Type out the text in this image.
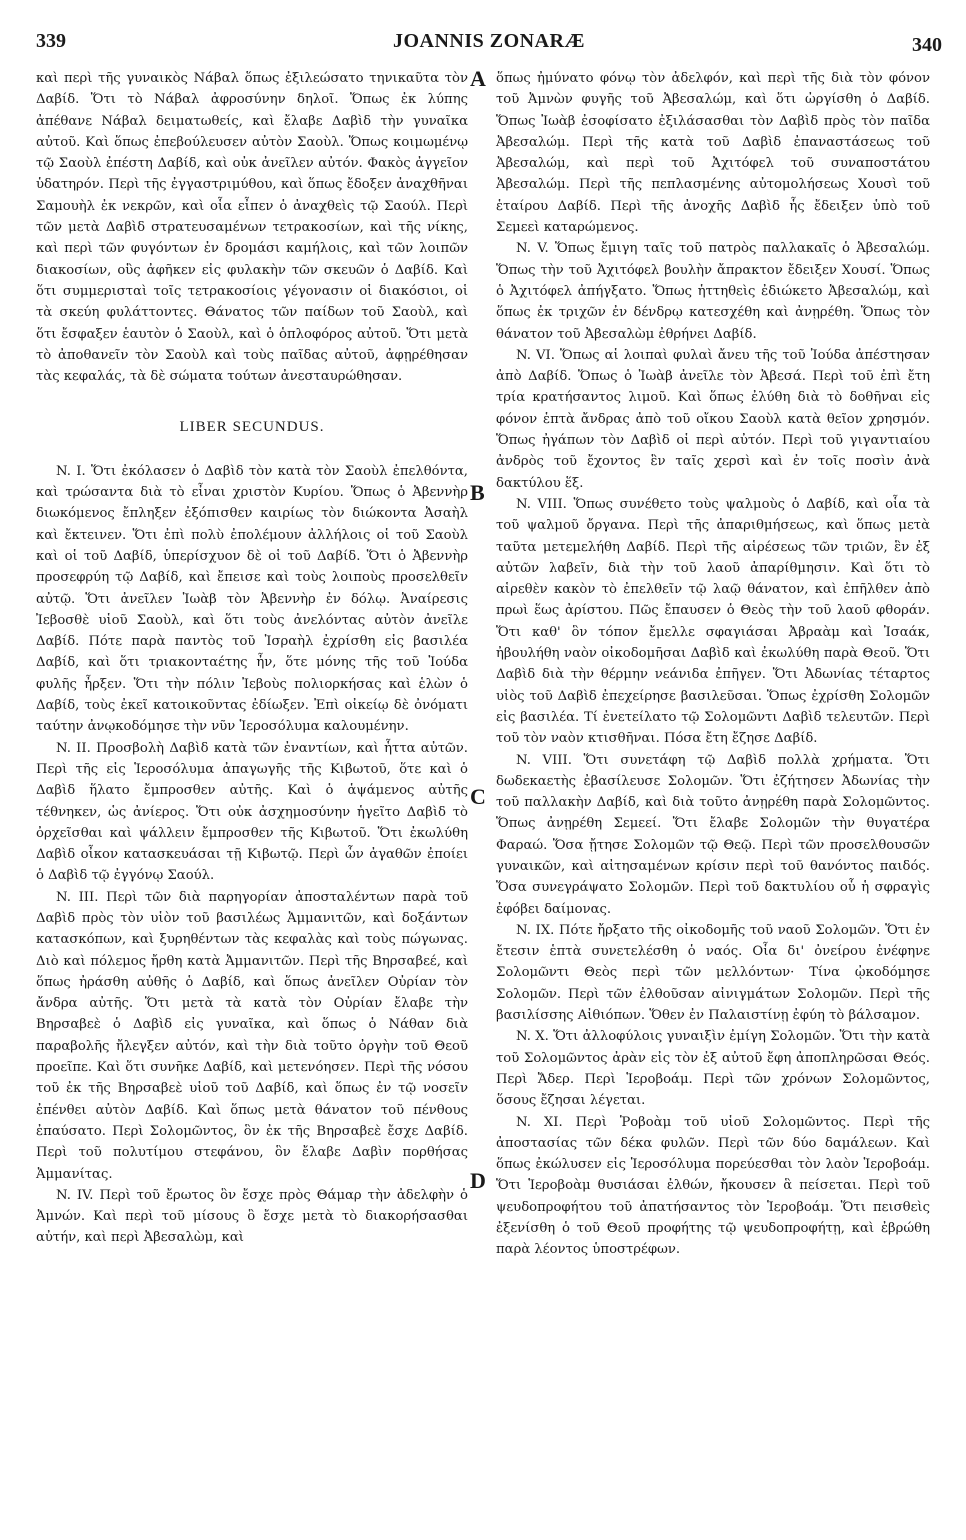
339	JOANNIS ZONARÆ	340
A
B
C
D

καὶ περὶ τῆς γυναικὸς Νάβαλ ὅπως ἐξιλεώσατο τηνικαῦτα τὸν Δαβίδ. Ὅτι τὸ Νάβαλ ἀφροσύνην δηλοῖ. Ὅπως ἐκ λύπης ἀπέθανε Νάβαλ δειματωθείς, καὶ ἔλαβε Δαβὶδ τὴν γυναῖκα αὐτοῦ. Καὶ ὅπως ἐπεβούλευσεν αὐτὸν Σαοὺλ. Ὅπως κοιμωμένῳ τῷ Σαοὺλ ἐπέστη Δαβίδ, καὶ οὐκ ἀνεῖλεν αὐτόν. Φακὸς ἀγγεῖον ὑδατηρόν. Περὶ τῆς ἐγγαστριμύθου, καὶ ὅπως ἔδοξεν ἀναχθῆναι Σαμουὴλ ἐκ νεκρῶν, καὶ οἷα εἶπεν ὁ ἀναχθεὶς τῷ Σαούλ. Περὶ τῶν μετὰ Δαβὶδ στρατευσαμένων τετρακοσίων, καὶ τῆς νίκης, καὶ περὶ τῶν φυγόντων ἐν δρομάσι καμήλοις, καὶ τῶν λοιπῶν διακοσίων, οὓς ἀφῆκεν εἰς φυλακὴν τῶν σκευῶν ὁ Δαβίδ. Καὶ ὅτι συμμερισταὶ τοῖς τετρακοσίοις γέγονασιν οἱ διακόσιοι, οἱ τὰ σκεύη φυλάττοντες. Θάνατος τῶν παίδων τοῦ Σαοὺλ, καὶ ὅτι ἔσφαξεν ἑαυτὸν ὁ Σαοὺλ, καὶ ὁ ὁπλοφόρος αὐτοῦ. Ὅτι μετὰ τὸ ἀποθανεῖν τὸν Σαοὺλ καὶ τοὺς παῖδας αὐτοῦ, ἀφῃρέθησαν τὰς κεφαλάς, τὰ δὲ σώματα τούτων ἀνεσταυρώθησαν.

LIBER SECUNDUS.

N. I. Ὅτι ἐκόλασεν ὁ Δαβὶδ τὸν κατὰ τὸν Σαοὺλ ἐπελθόντα, καὶ τρώσαντα διὰ τὸ εἶναι χριστὸν Κυρίου. Ὅπως ὁ Ἀβεννὴρ διωκόμενος ἔπληξεν ἐξόπισθεν καιρίως τὸν διώκοντα Ἀσαὴλ καὶ ἔκτεινεν. Ὅτι ἐπὶ πολὺ ἐπολέμουν ἀλλήλοις οἱ τοῦ Σαοὺλ καὶ οἱ τοῦ Δαβίδ, ὑπερίσχυον δὲ οἱ τοῦ Δαβίδ. Ὅτι ὁ Ἀβεννὴρ προσεφρύη τῷ Δαβίδ, καὶ ἔπεισε καὶ τοὺς λοιποὺς προσελθεῖν αὐτῷ. Ὅτι ἀνεῖλεν Ἰωὰβ τὸν Ἀβεννὴρ ἐν δόλῳ. Ἀναίρεσις Ἰεβοσθὲ υἱοῦ Σαοὺλ, καὶ ὅτι τοὺς ἀνελόντας αὐτὸν ἀνεῖλε Δαβίδ. Πότε παρὰ παντὸς τοῦ Ἰσραὴλ ἐχρίσθη εἰς βασιλέα Δαβίδ, καὶ ὅτι τριακονταέτης ἦν, ὅτε μόνης τῆς τοῦ Ἰούδα φυλῆς ἦρξεν. Ὅτι τὴν πόλιν Ἰεβοὺς πολιορκήσας καὶ ἑλὼν ὁ Δαβίδ, τοὺς ἐκεῖ κατοικοῦντας ἐδίωξεν. Ἐπὶ οἰκείῳ δὲ ὀνόματι ταύτην ἀνῳκοδόμησε τὴν νῦν Ἱεροσόλυμα καλουμένην.

N. II. Προσβολὴ Δαβὶδ κατὰ τῶν ἐναντίων, καὶ ἧττα αὐτῶν. Περὶ τῆς εἰς Ἱεροσόλυμα ἀπαγωγῆς τῆς Κιβωτοῦ, ὅτε καὶ ὁ Δαβὶδ ἥλατο ἔμπροσθεν αὐτῆς. Καὶ ὁ ἁψάμενος αὐτῆς τέθνηκεν, ὡς ἀνίερος. Ὅτι οὐκ ἀσχημοσύνην ἡγεῖτο Δαβὶδ τὸ ὀρχεῖσθαι καὶ ψάλλειν ἔμπροσθεν τῆς Κιβωτοῦ. Ὅτι ἐκωλύθη Δαβὶδ οἶκον κατασκευάσαι τῇ Κιβωτῷ. Περὶ ὧν ἀγαθῶν ἐποίει ὁ Δαβὶδ τῷ ἐγγόνῳ Σαούλ.

N. III. Περὶ τῶν διὰ παρηγορίαν ἀποσταλέντων παρὰ τοῦ Δαβὶδ πρὸς τὸν υἱὸν τοῦ βασιλέως Ἀμμανιτῶν, καὶ δοξάντων κατασκόπων, καὶ ξυρηθέντων τὰς κεφαλὰς καὶ τοὺς πώγωνας. Διὸ καὶ πόλεμος ἤρθη κατὰ Ἀμμανιτῶν. Περὶ τῆς Βηρσαβεέ, καὶ ὅπως ἠράσθη αὐθῆς ὁ Δαβίδ, καὶ ὅπως ἀνεῖλεν Οὐρίαν τὸν ἄνδρα αὐτῆς. Ὅτι μετὰ τὰ κατὰ τὸν Οὐρίαν ἔλαβε τὴν Βηρσαβεὲ ὁ Δαβὶδ εἰς γυναῖκα, καὶ ὅπως ὁ Νάθαν διὰ παραβολῆς ἤλεγξεν αὐτόν, καὶ τὴν διὰ τοῦτο ὀργὴν τοῦ Θεοῦ προεῖπε. Καὶ ὅτι συνῆκε Δαβίδ, καὶ μετενόησεν. Περὶ τῆς νόσου τοῦ ἐκ τῆς Βηρσαβεὲ υἱοῦ τοῦ Δαβίδ, καὶ ὅπως ἐν τῷ νοσεῖν ἐπένθει αὐτὸν Δαβίδ. Καὶ ὅπως μετὰ θάνατον τοῦ πένθους ἐπαύσατο. Περὶ Σολομῶντος, ὃν ἐκ τῆς Βηρσαβεὲ ἔσχε Δαβίδ. Περὶ τοῦ πολυτίμου στεφάνου, ὃν ἔλαβε Δαβὶν πορθήσας Ἀμμανίτας.

N. IV. Περὶ τοῦ ἔρωτος ὃν ἔσχε πρὸς Θάμαρ τὴν ἀδελφὴν ὁ Ἀμνών. Καὶ περὶ τοῦ μίσους ὃ ἔσχε μετὰ τὸ διακορήσασθαι αὐτήν, καὶ περὶ Ἀβεσαλὼμ, καὶ

ὅπως ἠμύνατο φόνῳ τὸν ἀδελφόν, καὶ περὶ τῆς διὰ τὸν φόνον τοῦ Ἀμνὼν φυγῆς τοῦ Ἀβεσαλώμ, καὶ ὅτι ὠργίσθη ὁ Δαβίδ. Ὅπως Ἰωὰβ ἐσοφίσατο ἐξιλάσασθαι τὸν Δαβὶδ πρὸς τὸν παῖδα Ἀβεσαλώμ. Περὶ τῆς κατὰ τοῦ Δαβὶδ ἐπαναστάσεως τοῦ Ἀβεσαλώμ, καὶ περὶ τοῦ Ἀχιτόφελ τοῦ συναποστάτου Ἀβεσαλώμ. Περὶ τῆς πεπλασμένης αὐτομολήσεως Χουσὶ τοῦ ἑταίρου Δαβίδ. Περὶ τῆς ἀνοχῆς Δαβὶδ ἧς ἔδειξεν ὑπὸ τοῦ Σεμεεὶ καταρώμενος.

N. V. Ὅπως ἔμιγη ταῖς τοῦ πατρὸς παλλακαῖς ὁ Ἀβεσαλώμ. Ὅπως τὴν τοῦ Ἀχιτόφελ βουλὴν ἄπρακτον ἔδειξεν Χουσί. Ὅπως ὁ Ἀχιτόφελ ἀπήγξατο. Ὅπως ἡττηθεὶς ἐδιώκετο Ἀβεσαλώμ, καὶ ὅπως ἐκ τριχῶν ἐν δένδρῳ κατεσχέθη καὶ ἀνῃρέθη. Ὅπως τὸν θάνατον τοῦ Ἀβεσαλὼμ ἐθρήνει Δαβίδ.

N. VI. Ὅπως αἱ λοιπαὶ φυλαὶ ἄνευ τῆς τοῦ Ἰούδα ἀπέστησαν ἀπὸ Δαβίδ. Ὅπως ὁ Ἰωὰβ ἀνεῖλε τὸν Ἀβεσά. Περὶ τοῦ ἐπὶ ἔτη τρία κρατήσαντος λιμοῦ. Καὶ ὅπως ἐλύθη διὰ τὸ δοθῆναι εἰς φόνον ἑπτὰ ἄνδρας ἀπὸ τοῦ οἴκου Σαοὺλ κατὰ θεῖον χρησμόν. Ὅπως ἠγάπων τὸν Δαβὶδ οἱ περὶ αὐτόν. Περὶ τοῦ γιγαντιαίου ἀνδρὸς τοῦ ἔχοντος ἓν ταῖς χερσὶ καὶ ἐν τοῖς ποσὶν ἀνὰ δακτύλου ἕξ.

N. VIII. Ὅπως συνέθετο τοὺς ψαλμοὺς ὁ Δαβίδ, καὶ οἷα τὰ τοῦ ψαλμοῦ ὄργανα. Περὶ τῆς ἀπαριθμήσεως, καὶ ὅπως μετὰ ταῦτα μετεμελήθη Δαβίδ. Περὶ τῆς αἱρέσεως τῶν τριῶν, ἓν ἐξ αὐτῶν λαβεῖν, διὰ τὴν τοῦ λαοῦ ἀπαρίθμησιν. Καὶ ὅτι τὸ αἱρεθὲν κακὸν τὸ ἐπελθεῖν τῷ λαῷ θάνατον, καὶ ἐπῆλθεν ἀπὸ πρωὶ ἕως ἀρίστου. Πῶς ἔπαυσεν ὁ Θεὸς τὴν τοῦ λαοῦ φθοράν. Ὅτι καθ' ὃν τόπον ἔμελλε σφαγιάσαι Ἀβραὰμ καὶ Ἰσαάκ, ἠβουλήθη ναὸν οἰκοδομῆσαι Δαβὶδ καὶ ἐκωλύθη παρὰ Θεοῦ. Ὅτι Δαβὶδ διὰ τὴν θέρμην νεάνιδα ἐπῆγεν. Ὅτι Ἀδωνίας τέταρτος υἱὸς τοῦ Δαβὶδ ἐπεχείρησε βασιλεῦσαι. Ὅπως ἐχρίσθη Σολομῶν εἰς βασιλέα. Τί ἐνετείλατο τῷ Σολομῶντι Δαβὶδ τελευτῶν. Περὶ τοῦ τὸν ναὸν κτισθῆναι. Πόσα ἔτη ἔζησε Δαβίδ.

N. VIII. Ὅτι συνετάφη τῷ Δαβὶδ πολλὰ χρήματα. Ὅτι δωδεκαετὴς ἐβασίλευσε Σολομῶν. Ὅτι ἐζήτησεν Ἀδωνίας τὴν τοῦ παλλακὴν Δαβίδ, καὶ διὰ τοῦτο ἀνῃρέθη παρὰ Σολομῶντος. Ὅπως ἀνῃρέθη Σεμεεί. Ὅτι ἔλαβε Σολομῶν τὴν θυγατέρα Φαραώ. Ὅσα ᾔτησε Σολομῶν τῷ Θεῷ. Περὶ τῶν προσελθουσῶν γυναικῶν, καὶ αἰτησαμένων κρίσιν περὶ τοῦ θανόντος παιδός. Ὅσα συνεγράψατο Σολομῶν. Περὶ τοῦ δακτυλίου οὗ ἡ σφραγὶς ἐφόβει δαίμονας.

N. IX. Πότε ἤρξατο τῆς οἰκοδομῆς τοῦ ναοῦ Σολομῶν. Ὅτι ἐν ἔτεσιν ἑπτὰ συνετελέσθη ὁ ναός. Οἷα δι' ὀνείρου ἐνέφηνε Σολομῶντι Θεὸς περὶ τῶν μελλόντων· Τίνα ᾠκοδόμησε Σολομῶν. Περὶ τῶν ἐλθοῦσαν αἰνιγμάτων Σολομῶν. Περὶ τῆς βασιλίσσης Αἰθιόπων. Ὅθεν ἐν Παλαιστίνῃ ἐφύη τὸ βάλσαμον.

N. X. Ὅτι ἀλλοφύλοις γυναιξὶν ἐμίγη Σολομῶν. Ὅτι τὴν κατὰ τοῦ Σολομῶντος ἀρὰν εἰς τὸν ἐξ αὐτοῦ ἔφη ἀποπληρῶσαι Θεός. Περὶ Ἄδερ. Περὶ Ἱεροβοάμ. Περὶ τῶν χρόνων Σολομῶντος, ὅσους ἔζησαι λέγεται.

N. XI. Περὶ Ῥοβοὰμ τοῦ υἱοῦ Σολομῶντος. Περὶ τῆς ἀποστασίας τῶν δέκα φυλῶν. Περὶ τῶν δύο δαμάλεων. Καὶ ὅπως ἐκώλυσεν εἰς Ἱεροσόλυμα πορεύεσθαι τὸν λαὸν Ἱεροβοάμ. Ὅτι Ἱεροβοὰμ θυσιάσαι ἐλθών, ἤκουσεν ἃ πείσεται. Περὶ τοῦ ψευδοπροφήτου τοῦ ἀπατήσαντος τὸν Ἱεροβοάμ. Ὅτι πεισθεὶς ἐξενίσθη ὁ τοῦ Θεοῦ προφήτης τῷ ψευδοπροφήτῃ, καὶ ἐβρώθη παρὰ λέοντος ὑποστρέφων.
